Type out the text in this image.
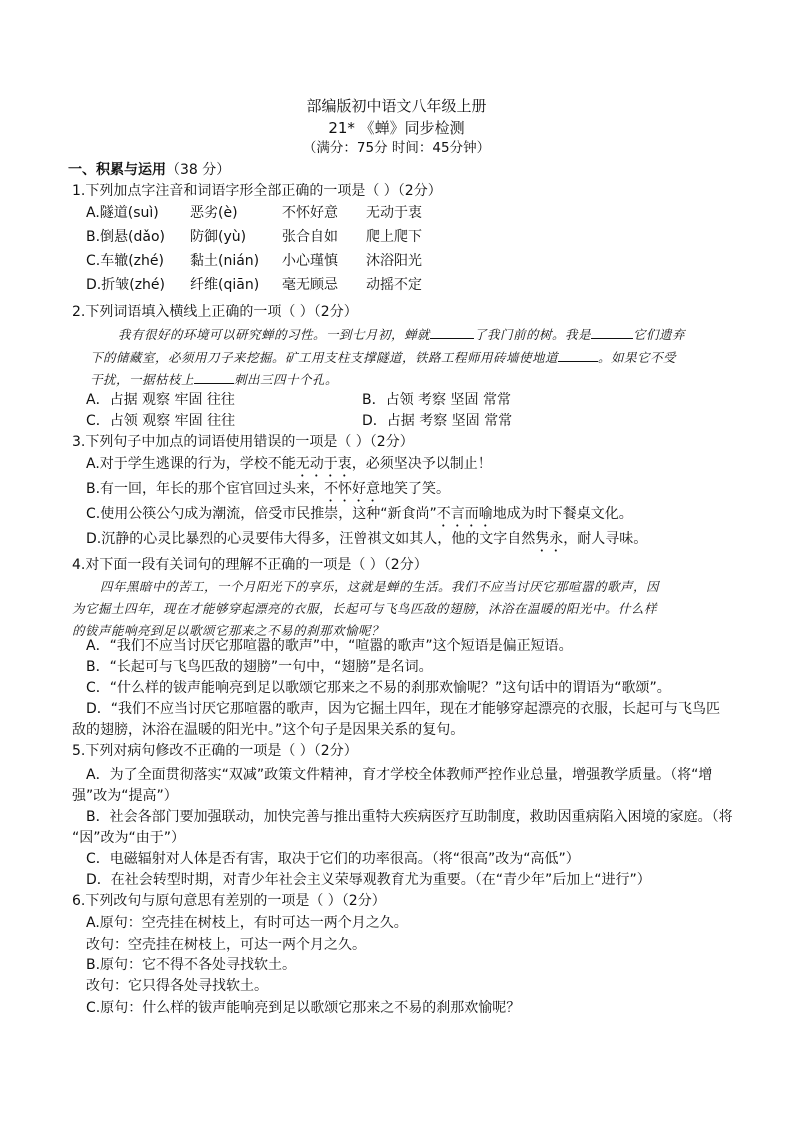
部编版初中语文八年级上册
21* 《蝉》同步检测
（满分：75分 时间：45分钟）
一、积累与运用（38 分）
1.下列加点字注音和词语字形全部正确的一项是（ ）（2分）
A.隧道(suì) 恶劣(è)	不怀好意 无动于衷
B.倒悬(dǎo) 防御(yù)	张合自如 爬上爬下
C.车辙(zhé) 黏土(nián) 小心瑾慎 沐浴阳光
D.折皱(zhé) 纤维(qiān) 毫无顾忌 动摇不定
2.下列词语填入横线上正确的一项（ ）（2分）
我有很好的环境可以研究蝉的习性。一到七月初，蝉就	了我门前的树。我是	它们遗弃
下的储藏室，必须用刀子来挖掘。矿工用支柱支撑隧道，铁路工程师用砖墙使地道	。如果它不受
干扰，一据枯枝上	刺出三四十个孔。
A．占据 观察 牢固 往往	B．占领 考察 坚固 常常
C．占领 观察 牢固 往往	D．占据 考察 坚固 常常
3.下列句子中加点的词语使用错误的一项是（ ）（2分）
A.对于学生逃课的行为，学校不能无动于衷，必须坚决予以制止！
B.有一回，年长的那个宦官回过头来，不怀好意地笑了笑。
C.使用公筷公勺成为潮流，倍受市民推崇，这种“新食尚”不言而喻地成为时下餐桌文化。
D.沉静的心灵比暴烈的心灵要伟大得多，汪曾祺文如其人，他的文字自然隽永，耐人寻味。
4.对下面一段有关词句的理解不正确的一项是（ ）（2分）
四年黑暗中的苦工，一个月阳光下的享乐，这就是蝉的生活。我们不应当讨厌它那喧嚣的歌声，因
为它掘土四年，现在才能够穿起漂亮的衣服，长起可与飞鸟匹敌的翅膀，沐浴在温暖的阳光中。什么样
的钹声能响亮到足以歌颂它那来之不易的刹那欢愉呢？
A．“我们不应当讨厌它那喧嚣的歌声”中，“喧嚣的歌声”这个短语是偏正短语。
B．“长起可与飞鸟匹敌的翅膀”一句中，“翅膀”是名词。
C．“什么样的钹声能响亮到足以歌颂它那来之不易的刹那欢愉呢？”这句话中的谓语为“歌颂”。
D．“我们不应当讨厌它那喧嚣的歌声，因为它掘土四年，现在才能够穿起漂亮的衣服，长起可与飞鸟匹
敌的翅膀，沐浴在温暖的阳光中。”这个句子是因果关系的复句。
5.下列对病句修改不正确的一项是（ ）（2分）
A．为了全面贯彻落实“双减”政策文件精神，育才学校全体教师严控作业总量，增强教学质量。（将“增
强”改为“提高”）
B．社会各部门要加强联动，加快完善与推出重特大疾病医疗互助制度，救助因重病陷入困境的家庭。（将
“因”改为“由于”）
C．电磁辐射对人体是否有害，取决于它们的功率很高。（将“很高”改为“高低”）
D．在社会转型时期，对青少年社会主义荣辱观教育尤为重要。（在“青少年”后加上“进行”）
6.下列改句与原句意思有差别的一项是（ ）（2分）
A.原句：空壳挂在树枝上，有时可达一两个月之久。
改句：空壳挂在树枝上，可达一两个月之久。
B.原句：它不得不各处寻找软土。
改句：它只得各处寻找软土。
C.原句：什么样的钹声能响亮到足以歌颂它那来之不易的刹那欢愉呢？
